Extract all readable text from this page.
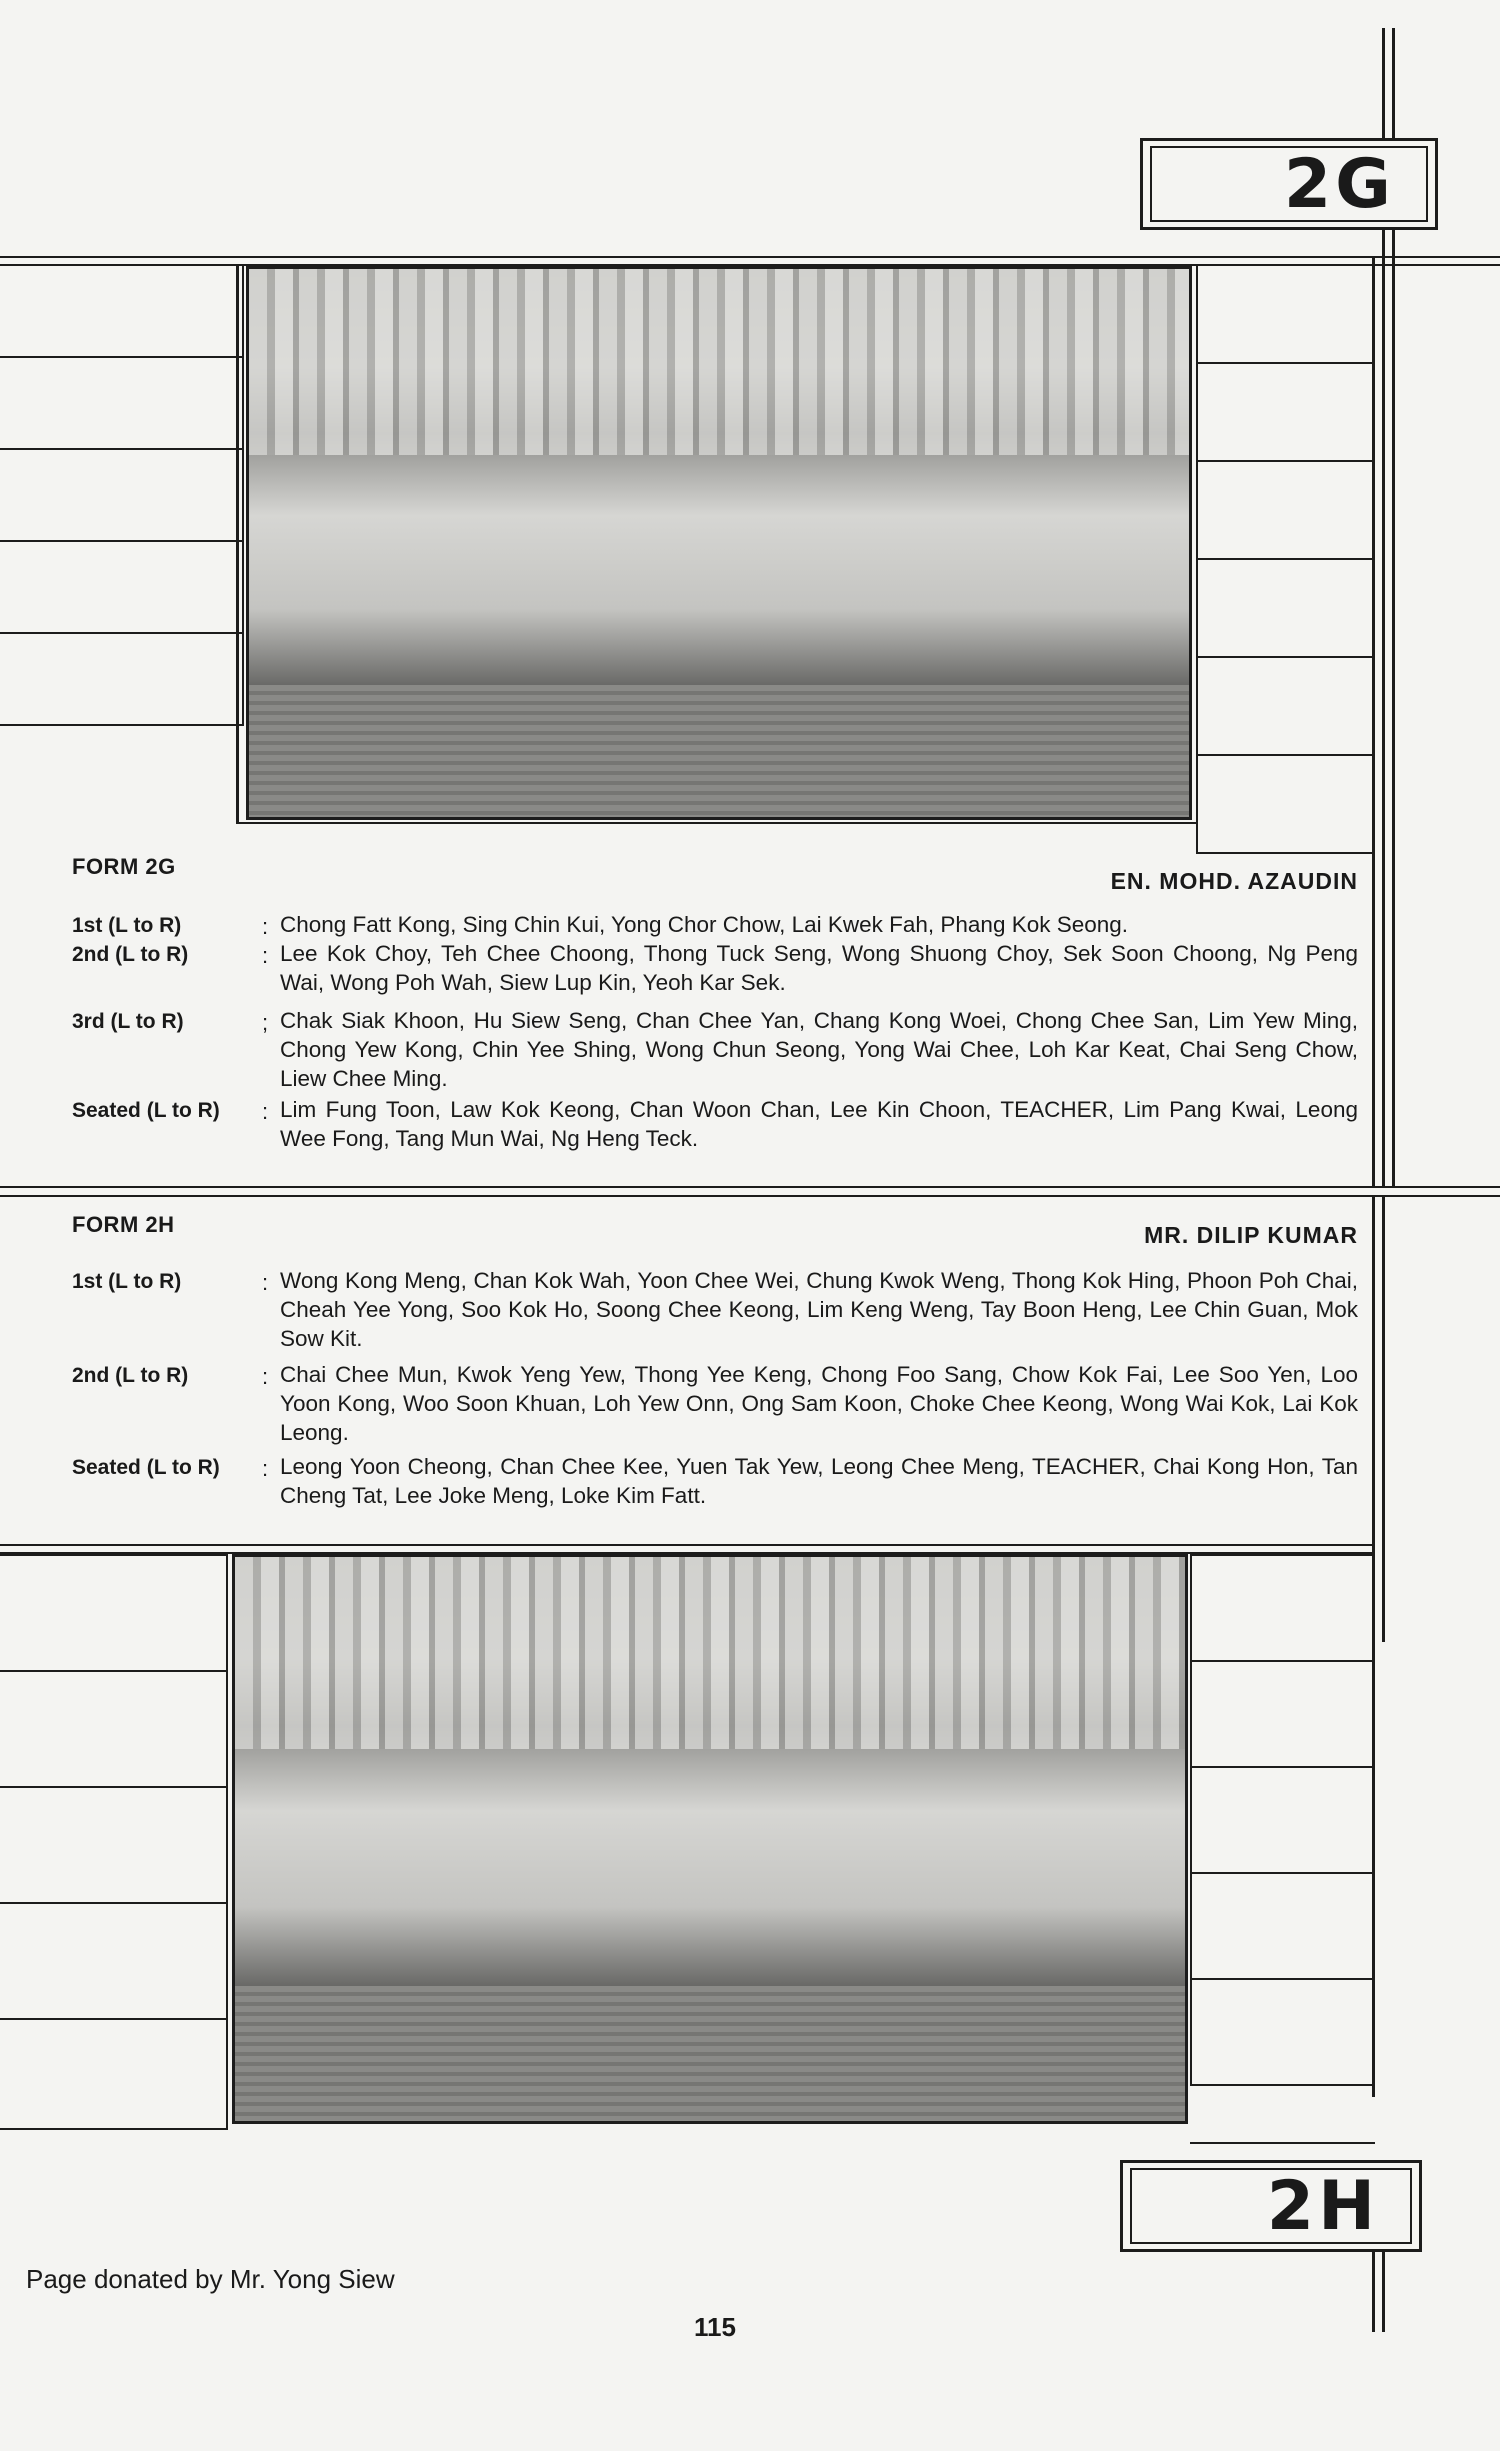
2G
FORM 2G
EN. MOHD. AZAUDIN
1st (L to R)	: Chong Fatt Kong, Sing Chin Kui, Yong Chor Chow, Lai Kwek Fah, Phang Kok Seong.
2nd (L to R)	: Lee Kok Choy, Teh Chee Choong, Thong Tuck Seng, Wong Shuong Choy, Sek Soon Choong, Ng Peng Wai, Wong Poh Wah, Siew Lup Kin, Yeoh Kar Sek.
3rd (L to R)	; Chak Siak Khoon, Hu Siew Seng, Chan Chee Yan, Chang Kong Woei, Chong Chee San, Lim Yew Ming, Chong Yew Kong, Chin Yee Shing, Wong Chun Seong, Yong Wai Chee, Loh Kar Keat, Chai Seng Chow, Liew Chee Ming.
Seated (L to R) : Lim Fung Toon, Law Kok Keong, Chan Woon Chan, Lee Kin Choon, TEACHER, Lim Pang Kwai, Leong Wee Fong, Tang Mun Wai, Ng Heng Teck.
FORM 2H	MR. DILIP KUMAR
1st (L to R)	: Wong Kong Meng, Chan Kok Wah, Yoon Chee Wei, Chung Kwok Weng, Thong Kok Hing, Phoon Poh Chai, Cheah Yee Yong, Soo Kok Ho, Soong Chee Keong, Lim Keng Weng, Tay Boon Heng, Lee Chin Guan, Mok Sow Kit.
2nd (L to R)	: Chai Chee Mun, Kwok Yeng Yew, Thong Yee Keng, Chong Foo Sang, Chow Kok Fai, Lee Soo Yen, Loo Yoon Kong, Woo Soon Khuan, Loh Yew Onn, Ong Sam Koon, Choke Chee Keong, Wong Wai Kok, Lai Kok Leong.
Seated (L to R) : Leong Yoon Cheong, Chan Chee Kee, Yuen Tak Yew, Leong Chee Meng, TEACHER, Chai Kong Hon, Tan Cheng Tat, Lee Joke Meng, Loke Kim Fatt.
2H
Page donated by Mr. Yong Siew
115
